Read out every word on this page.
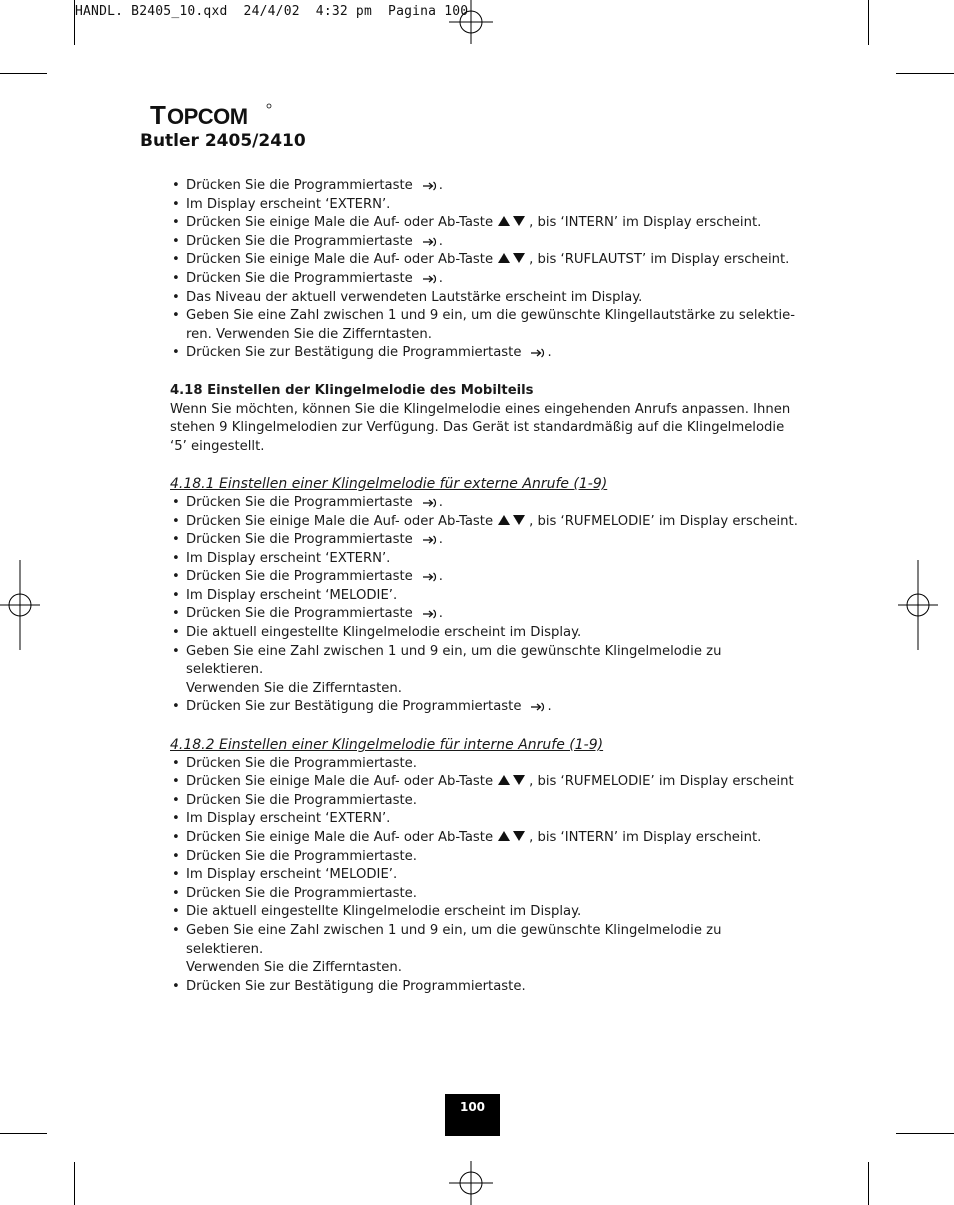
HANDL. B2405_10.qxd  24/4/02  4:32 pm  Pagina 100
T OPCOM
Butler 2405/2410
• Drücken Sie die Programmiertaste .
• Im Display erscheint ‘EXTERN’.
• Drücken Sie einige Male die Auf- oder Ab-Taste	, bis ‘INTERN’ im Display erscheint.
• Drücken Sie die Programmiertaste .
• Drücken Sie einige Male die Auf- oder Ab-Taste	, bis ‘RUFLAUTST’ im Display erscheint.
• Drücken Sie die Programmiertaste .
• Das Niveau der aktuell verwendeten Lautstärke erscheint im Display.
• Geben Sie eine Zahl zwischen 1 und 9 ein, um die gewünschte Klingellautstärke zu selektie-
ren. Verwenden Sie die Zifferntasten.
• Drücken Sie zur Bestätigung die Programmiertaste .
4.18 Einstellen der Klingelmelodie des Mobilteils
Wenn Sie möchten, können Sie die Klingelmelodie eines eingehenden Anrufs anpassen. Ihnen
stehen 9 Klingelmelodien zur Verfügung. Das Gerät ist standardmäßig auf die Klingelmelodie
‘5’ eingestellt.
4.18.1 Einstellen einer Klingelmelodie für externe Anrufe (1-9)
• Drücken Sie die Programmiertaste .
• Drücken Sie einige Male die Auf- oder Ab-Taste	, bis ‘RUFMELODIE’ im Display erscheint.
• Drücken Sie die Programmiertaste .
• Im Display erscheint ‘EXTERN’.
• Drücken Sie die Programmiertaste .
• Im Display erscheint ‘MELODIE’.
• Drücken Sie die Programmiertaste .
• Die aktuell eingestellte Klingelmelodie erscheint im Display.
• Geben Sie eine Zahl zwischen 1 und 9 ein, um die gewünschte Klingelmelodie zu selektieren.
Verwenden Sie die Zifferntasten.
• Drücken Sie zur Bestätigung die Programmiertaste .
4.18.2 Einstellen einer Klingelmelodie für interne Anrufe (1-9)
• Drücken Sie die Programmiertaste.
• Drücken Sie einige Male die Auf- oder Ab-Taste	, bis ‘RUFMELODIE’ im Display erscheint
• Drücken Sie die Programmiertaste.
• Im Display erscheint ‘EXTERN’.
• Drücken Sie einige Male die Auf- oder Ab-Taste	, bis ‘INTERN’ im Display erscheint.
• Drücken Sie die Programmiertaste.
• Im Display erscheint ‘MELODIE’.
• Drücken Sie die Programmiertaste.
• Die aktuell eingestellte Klingelmelodie erscheint im Display.
• Geben Sie eine Zahl zwischen 1 und 9 ein, um die gewünschte Klingelmelodie zu selektieren.
Verwenden Sie die Zifferntasten.
• Drücken Sie zur Bestätigung die Programmiertaste.
100
